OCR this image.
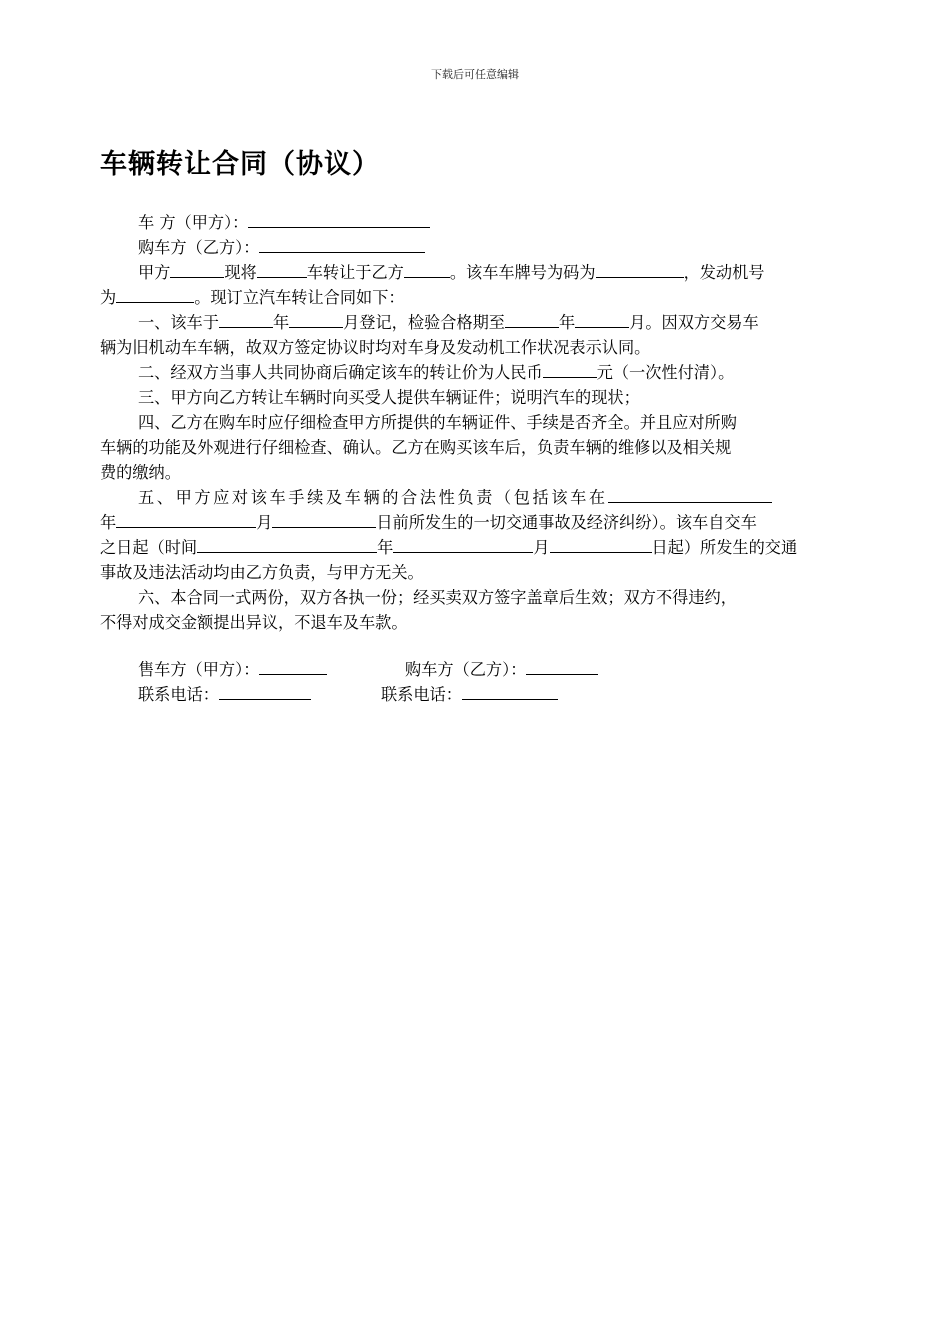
下载后可任意编辑
车辆转让合同（协议）
车 方（甲方）：
购车方（乙方）：
甲方	现将	车转让于乙方	。该车车牌号为码为	，发动机号
为	。现订立汽车转让合同如下：
一、该车于	年	月登记，检验合格期至	年	月。因双方交易车
辆为旧机动车车辆，故双方签定协议时均对车身及发动机工作状况表示认同。
二、经双方当事人共同协商后确定该车的转让价为人民币	元（一次性付清）。
三、甲方向乙方转让车辆时向买受人提供车辆证件；说明汽车的现状；
四、乙方在购车时应仔细检查甲方所提供的车辆证件、手续是否齐全。并且应对所购
车辆的功能及外观进行仔细检查、确认。乙方在购买该车后，负责车辆的维修以及相关规
费的缴纳。
五、甲方应对该车手续及车辆的合法性负责（包括该车在
年	月	日前所发生的一切交通事故及经济纠纷）。该车自交车
之日起（时间	年	月	日起）所发生的交通
事故及违法活动均由乙方负责，与甲方无关。
六、本合同一式两份，双方各执一份；经买卖双方签字盖章后生效；双方不得违约，
不得对成交金额提出异议，不退车及车款。
售车方（甲方）：	购车方（乙方）：
联系电话：	联系电话：
